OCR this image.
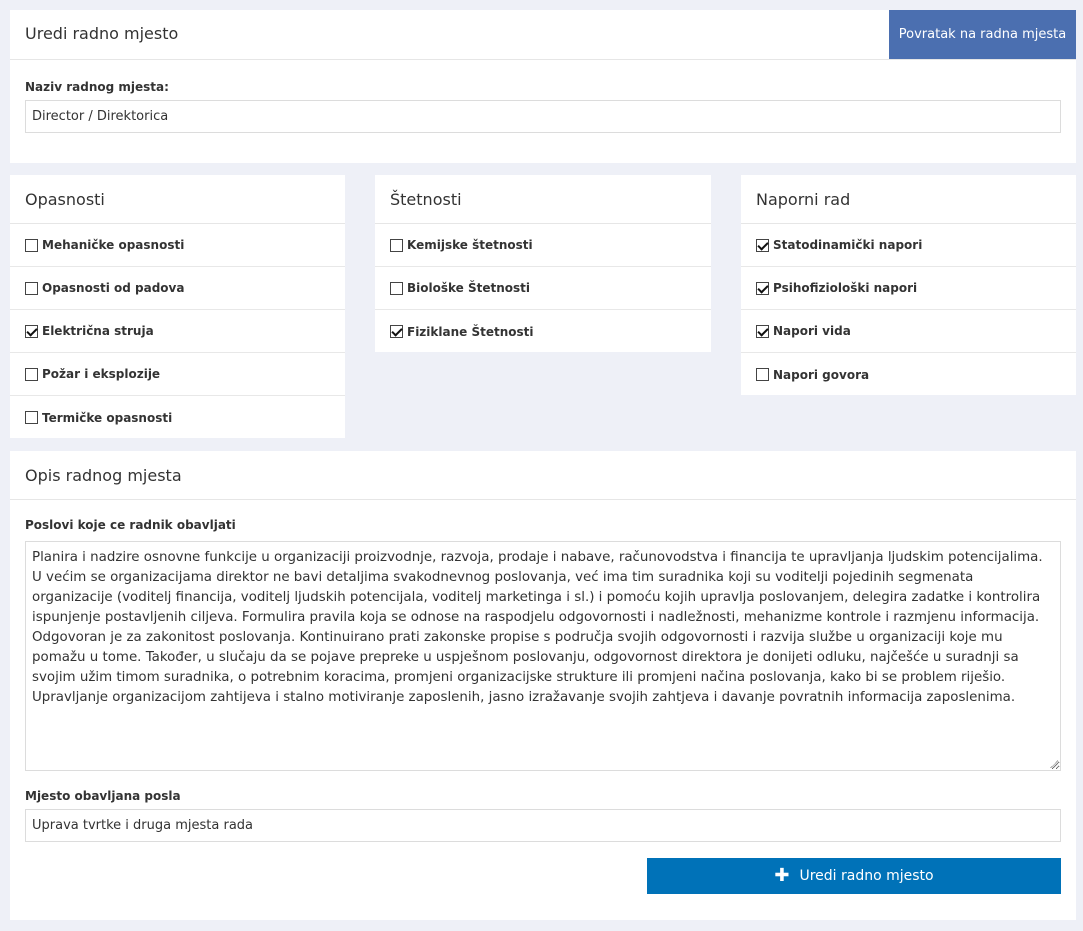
Uredi radno mjesto	Povratak na radna mjesta
Naziv radnog mjesta:
Director / Direktorica
Opasnosti
Mehaničke opasnosti
Opasnosti od padova
Električna struja
Požar i eksplozije
Termičke opasnosti
Štetnosti
Kemijske štetnosti
Biološke Štetnosti
Fiziklane Štetnosti
Naporni rad
Statodinamički napori
Psihofiziološki napori
Napori vida
Napori govora
Opis radnog mjesta
Poslovi koje ce radnik obavljati
Planira i nadzire osnovne funkcije u organizaciji proizvodnje, razvoja, prodaje i nabave, računovodstva i financija te upravljanja ljudskim potencijalima. U većim se organizacijama direktor ne bavi detaljima svakodnevnog poslovanja, već ima tim suradnika koji su voditelji pojedinih segmenata organizacije (voditelj financija, voditelj ljudskih potencijala, voditelj marketinga i sl.) i pomoću kojih upravlja poslovanjem, delegira zadatke i kontrolira ispunjenje postavljenih ciljeva. Formulira pravila koja se odnose na raspodjelu odgovornosti i nadležnosti, mehanizme kontrole i razmjenu informacija. Odgovoran je za zakonitost poslovanja. Kontinuirano prati zakonske propise s područja svojih odgovornosti i razvija službe u organizaciji koje mu pomažu u tome. Također, u slučaju da se pojave prepreke u uspješnom poslovanju, odgovornost direktora je donijeti odluku, najčešće u suradnji sa svojim užim timom suradnika, o potrebnim koracima, promjeni organizacijske strukture ili promjeni načina poslovanja, kako bi se problem riješio. Upravljanje organizacijom zahtijeva i stalno motiviranje zaposlenih, jasno izražavanje svojih zahtjeva i davanje povratnih informacija zaposlenima.
Mjesto obavljana posla
Uprava tvrtke i druga mjesta rada
✚ Uredi radno mjesto
